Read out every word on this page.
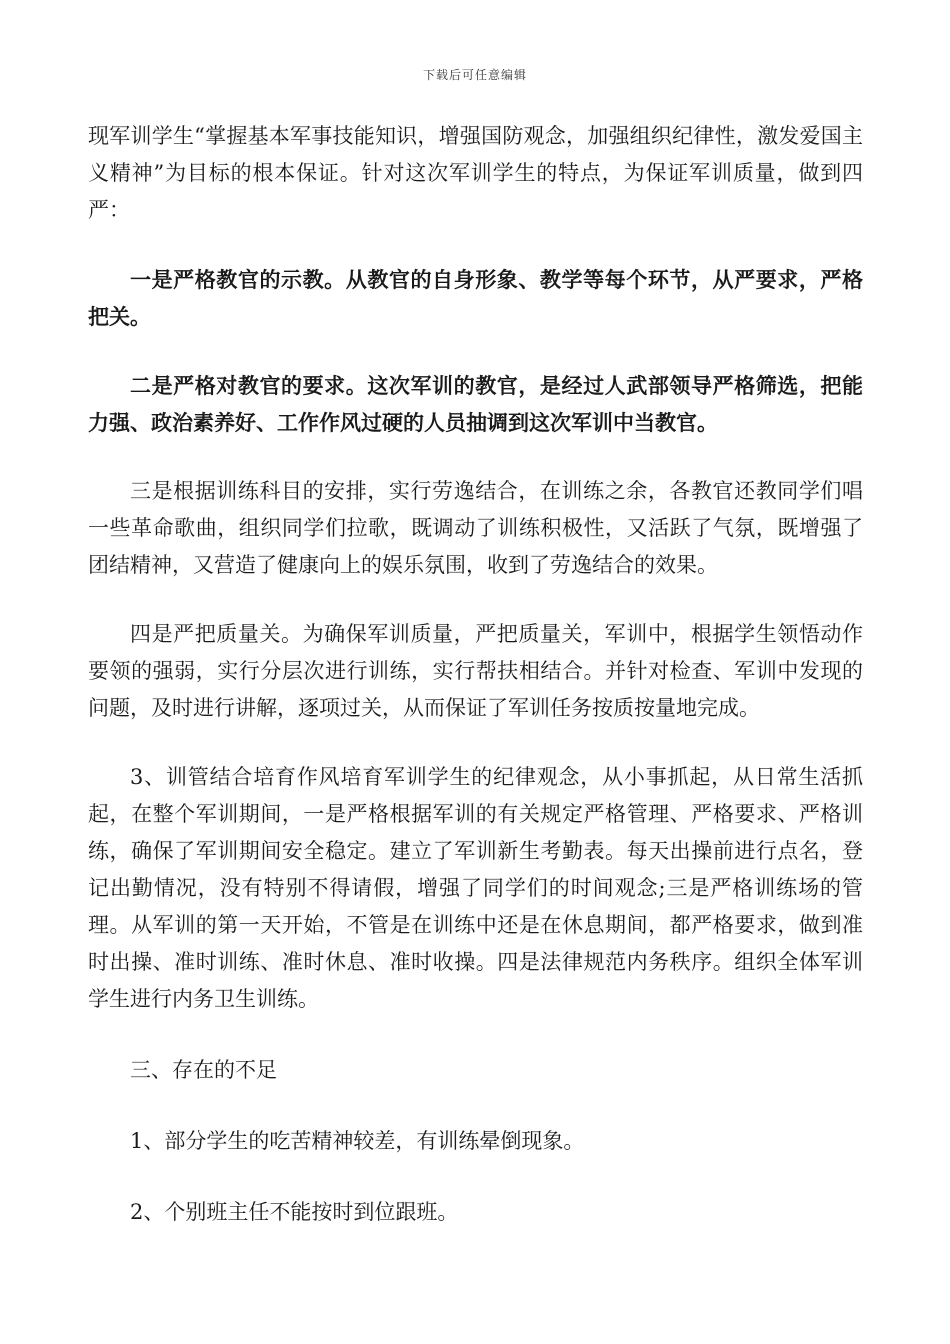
下载后可任意编辑

现军训学生“掌握基本军事技能知识，增强国防观念，加强组织纪律性，激发爱国主义精神”为目标的根本保证。针对这次军训学生的特点，为保证军训质量，做到四严：

一是严格教官的示教。从教官的自身形象、教学等每个环节，从严要求，严格把关。

二是严格对教官的要求。这次军训的教官，是经过人武部领导严格筛选，把能力强、政治素养好、工作作风过硬的人员抽调到这次军训中当教官。

三是根据训练科目的安排，实行劳逸结合，在训练之余，各教官还教同学们唱一些革命歌曲，组织同学们拉歌，既调动了训练积极性，又活跃了气氛，既增强了团结精神，又营造了健康向上的娱乐氛围，收到了劳逸结合的效果。

四是严把质量关。为确保军训质量，严把质量关，军训中，根据学生领悟动作要领的强弱，实行分层次进行训练，实行帮扶相结合。并针对检查、军训中发现的问题，及时进行讲解，逐项过关，从而保证了军训任务按质按量地完成。

3、训管结合培育作风培育军训学生的纪律观念，从小事抓起，从日常生活抓起，在整个军训期间，一是严格根据军训的有关规定严格管理、严格要求、严格训练，确保了军训期间安全稳定。建立了军训新生考勤表。每天出操前进行点名，登记出勤情况，没有特别不得请假，增强了同学们的时间观念;三是严格训练场的管理。从军训的第一天开始，不管是在训练中还是在休息期间，都严格要求，做到准时出操、准时训练、准时休息、准时收操。四是法律规范内务秩序。组织全体军训学生进行内务卫生训练。

三、存在的不足

1、部分学生的吃苦精神较差，有训练晕倒现象。

2、个别班主任不能按时到位跟班。
